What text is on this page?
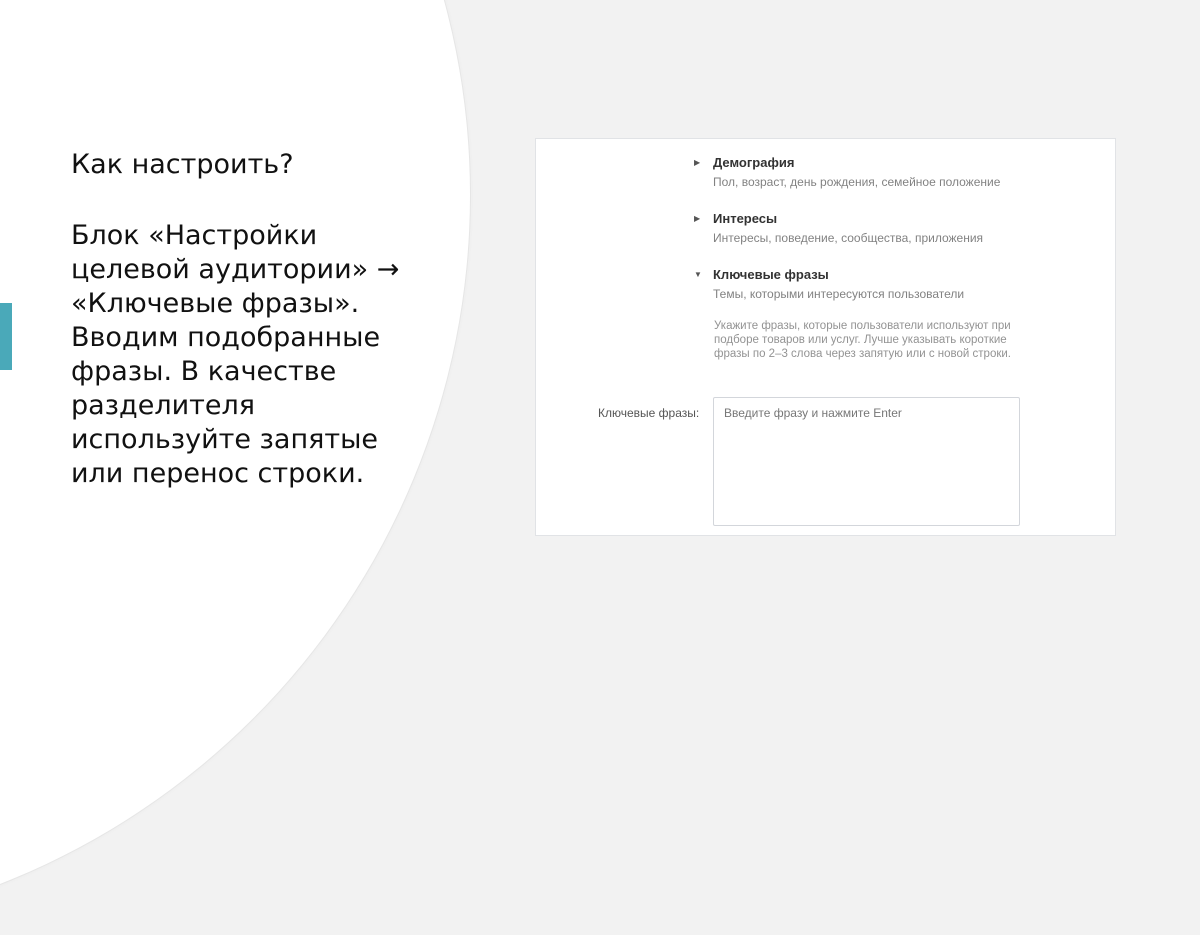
Как настроить?

Блок «Настройки целевой аудитории» → «Ключевые фразы». Вводим подобранные фразы. В качестве разделителя используйте запятые или перенос строки.

▶ Демография
Пол, возраст, день рождения, семейное положение
▶ Интересы
Интересы, поведение, сообщества, приложения
▼ Ключевые фразы
Темы, которыми интересуются пользователи
Укажите фразы, которые пользователи используют при подборе товаров или услуг. Лучше указывать короткие фразы по 2–3 слова через запятую или с новой строки.
Ключевые фразы:
Введите фразу и нажмите Enter
